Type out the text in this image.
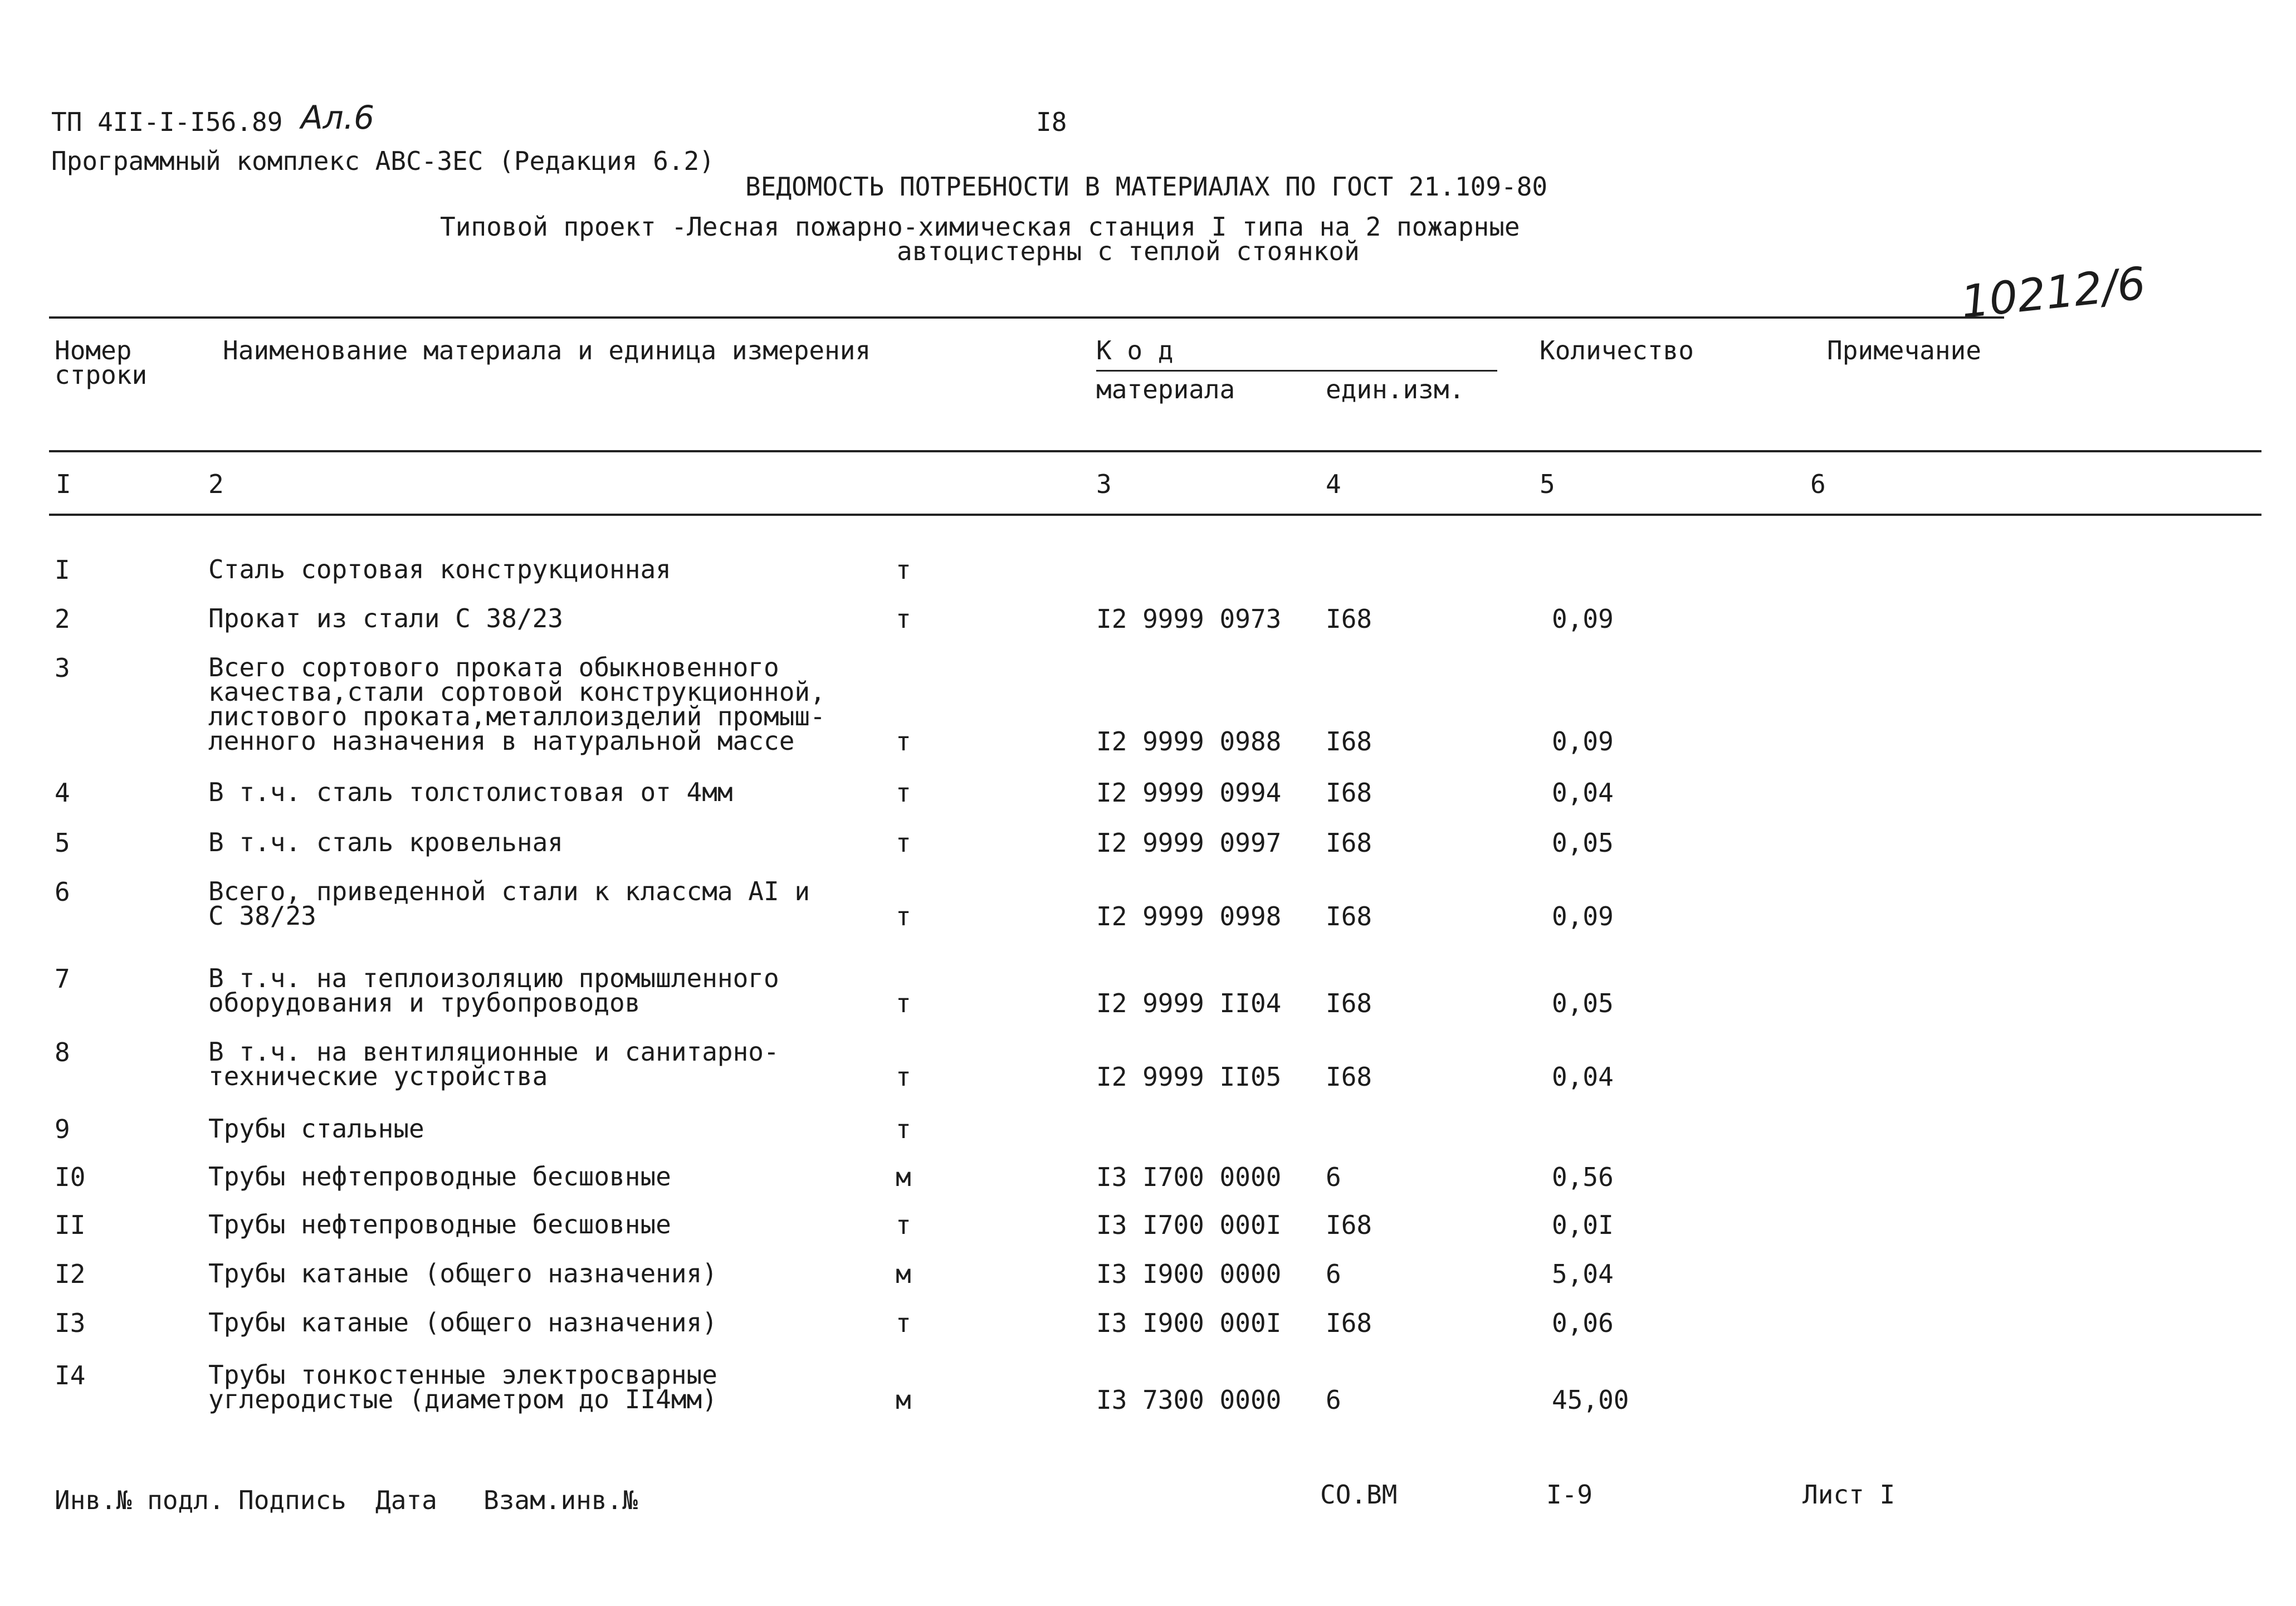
ТП 4II-I-I56.89 Ал.6	I8
Программный комплекс АВС-3ЕС (Редакция 6.2)
ВЕДОМОСТЬ ПОТРЕБНОСТИ В МАТЕРИАЛАХ ПО ГОСТ 21.109-80
Типовой проект -Лесная пожарно-химическая станция I типа на 2 пожарные
автоцистерны с теплой стоянкой
10212/6
Номер
строки
Наименование материала и единица измерения	К о д
материала	един.изм.
Количество	Примечание
I	2	3	4	5	6
I	Сталь сортовая конструкционная	т
2	Прокат из стали С 38/23	т	I2 9999 0973 I68	0,09
3	Всего сортового проката обыкновенного
качества,стали сортовой конструкционной,
листового проката,металлоизделий промыш-
ленного назначения в натуральной массе	т	I2 9999 0988 I68	0,09
4	В т.ч. сталь толстолистовая от 4мм	т	I2 9999 0994 I68	0,04
5	В т.ч. сталь кровельная	т	I2 9999 0997 I68	0,05
6	Всего, приведенной стали к классма АI и
С 38/23	т	I2 9999 0998 I68	0,09
7	В т.ч. на теплоизоляцию промышленного
оборудования и трубопроводов	т	I2 9999 II04 I68	0,05
8	В т.ч. на вентиляционные и санитарно-
технические устройства	т	I2 9999 II05 I68	0,04
9	Трубы стальные	т
I0	Трубы нефтепроводные бесшовные	м	I3 I700 0000 6	0,56
II	Трубы нефтепроводные бесшовные	т	I3 I700 000I I68	0,0I
I2	Трубы катаные (общего назначения)	м	I3 I900 0000 6	5,04
I3	Трубы катаные (общего назначения)	т	I3 I900 000I I68	0,06
I4	Трубы тонкостенные электросварные
углеродистые (диаметром до II4мм)	м	I3 7300 0000 6	45,00
Инв.№ подл. Подпись Дата Взам.инв.№	СО.ВМ	I-9	Лист I
